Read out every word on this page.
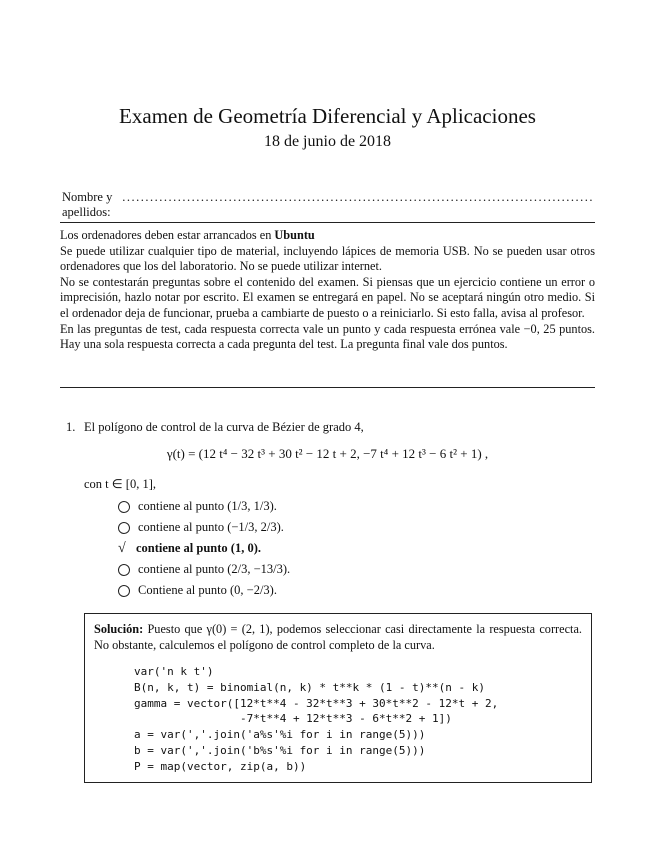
Examen de Geometría Diferencial y Aplicaciones
18 de junio de 2018
Nombre y apellidos:
......................................................................................................

Los ordenadores deben estar arrancados en Ubuntu

Se puede utilizar cualquier tipo de material, incluyendo lápices de memoria USB. No se pueden usar otros ordenadores que los del laboratorio. No se puede utilizar internet.

No se contestarán preguntas sobre el contenido del examen. Si piensas que un ejercicio contiene un error o imprecisión, hazlo notar por escrito. El examen se entregará en papel. No se aceptará ningún otro medio. Si el ordenador deja de funcionar, prueba a cambiarte de puesto o a reiniciarlo. Si esto falla, avisa al profesor.

En las preguntas de test, cada respuesta correcta vale un punto y cada respuesta errónea vale −0, 25 puntos. Hay una sola respuesta correcta a cada pregunta del test. La pregunta final vale dos puntos.

1. El polígono de control de la curva de Bézier de grado 4,
γ(t) = (12 t⁴ − 32 t³ + 30 t² − 12 t + 2, −7 t⁴ + 12 t³ − 6 t² + 1) ,
con t ∈ [0, 1],
contiene al punto (1/3, 1/3).
contiene al punto (−1/3, 2/3).
√ contiene al punto (1, 0).
contiene al punto (2/3, −13/3).
Contiene al punto (0, −2/3).

Solución: Puesto que γ(0) = (2, 1), podemos seleccionar casi directamente la respuesta correcta. No obstante, calculemos el polígono de control completo de la curva.

var('n k t')
B(n, k, t) = binomial(n, k) * t**k * (1 - t)**(n - k)
gamma = vector([12*t**4 - 32*t**3 + 30*t**2 - 12*t + 2,
-7*t**4 + 12*t**3 - 6*t**2 + 1])
a = var(','.join('a%s'%i for i in range(5)))
b = var(','.join('b%s'%i for i in range(5)))
P = map(vector, zip(a, b))
